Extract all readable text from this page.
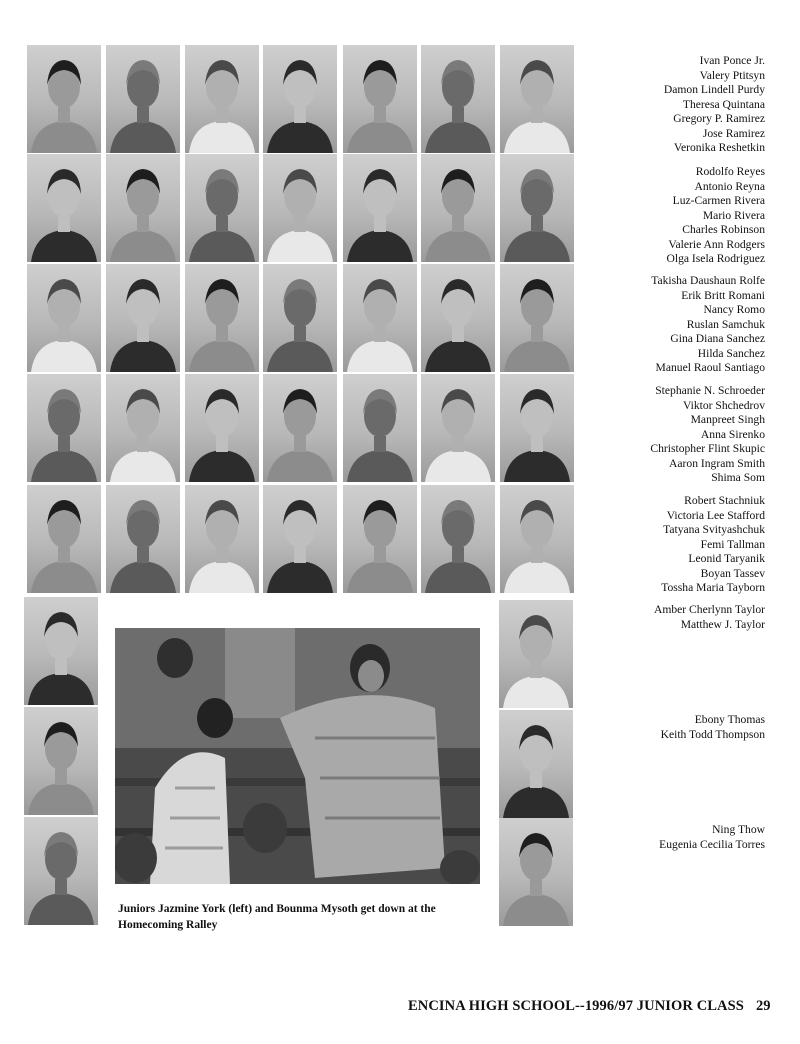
Juniors Jazmine York (left) and Bounma Mysoth get down at the Homecoming Ralley
Ivan Ponce Jr.
Valery Ptitsyn
Damon Lindell Purdy
Theresa Quintana
Gregory P. Ramirez
Jose Ramirez
Veronika Reshetkin
Rodolfo Reyes
Antonio Reyna
Luz-Carmen Rivera
Mario Rivera
Charles Robinson
Valerie Ann Rodgers
Olga Isela Rodriguez
Takisha Daushaun Rolfe
Erik Britt Romani
Nancy Romo
Ruslan Samchuk
Gina Diana Sanchez
Hilda Sanchez
Manuel Raoul Santiago
Stephanie N. Schroeder
Viktor Shchedrov
Manpreet Singh
Anna Sirenko
Christopher Flint Skupic
Aaron Ingram Smith
Shima Som
Robert Stachniuk
Victoria Lee Stafford
Tatyana Svityashchuk
Femi Tallman
Leonid Taryanik
Boyan Tassev
Tossha Maria Tayborn
Amber Cherlynn Taylor
Matthew J. Taylor
Ebony Thomas
Keith Todd Thompson
Ning Thow
Eugenia Cecilia Torres
ENCINA HIGH SCHOOL--1996/97 JUNIOR CLASS 29
